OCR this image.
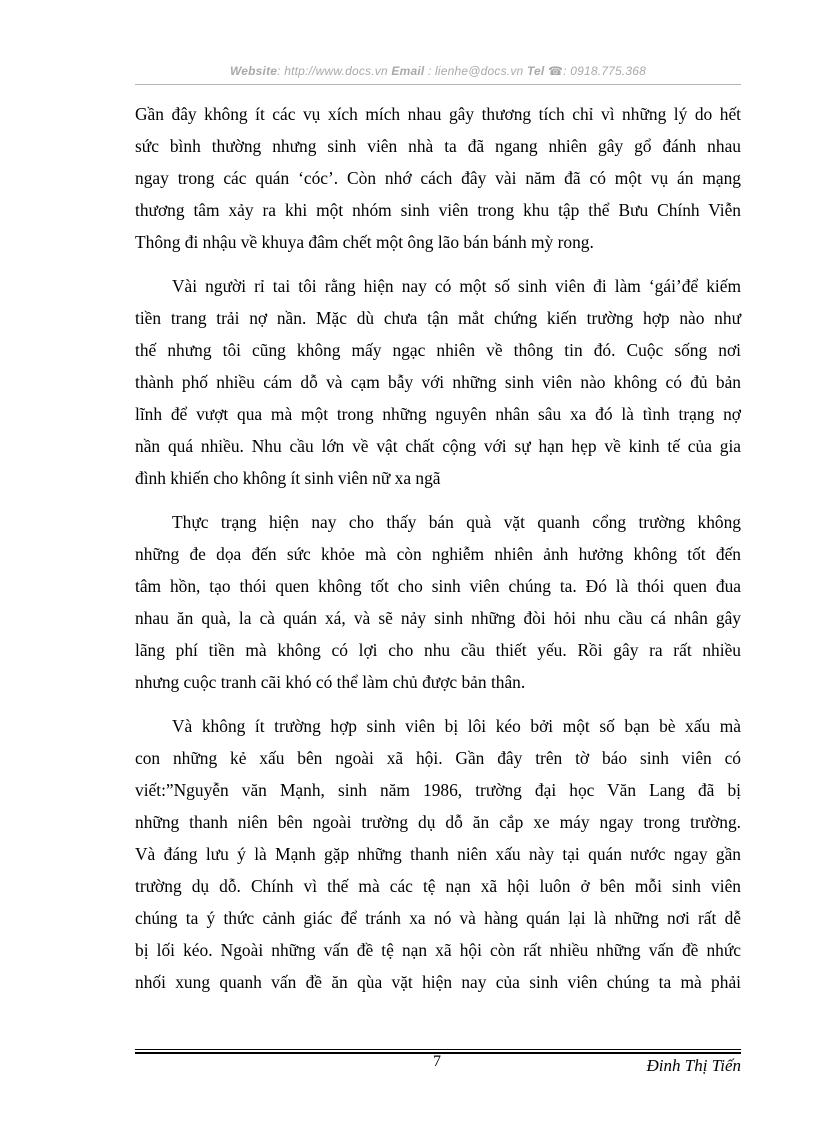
Website: http://www.docs.vn Email : lienhe@docs.vn Tel ☎: 0918.775.368
Gần đây không ít các vụ xích mích nhau gây thương tích chỉ vì những lý do hết
sức bình thường nhưng sinh viên nhà ta đã ngang nhiên gây gổ đánh nhau
ngay trong các quán ‘cóc’. Còn nhớ cách đây vài năm đã có một vụ án mạng
thương tâm xảy ra khi một nhóm sinh viên trong khu tập thể Bưu Chính Viễn
Thông đi nhậu về khuya đâm chết một ông lão bán bánh mỳ rong.
Vài người rỉ tai tôi rằng hiện nay có một số sinh viên đi làm ‘gái’để kiếm
tiền trang trải nợ nần. Mặc dù chưa tận mắt chứng kiến trường hợp nào như
thế nhưng tôi cũng không mấy ngạc nhiên về thông tin đó. Cuộc sống nơi
thành phố nhiều cám dỗ và cạm bẫy với những sinh viên nào không có đủ bản
lĩnh để vượt qua mà một trong những nguyên nhân sâu xa đó là tình trạng nợ
nần quá nhiều. Nhu cầu lớn về vật chất cộng với sự hạn hẹp về kinh tế của gia
đình khiến cho không ít sinh viên nữ xa ngã
Thực trạng hiện nay cho thấy bán quà vặt quanh cổng trường không
những đe dọa đến sức khỏe mà còn nghiễm nhiên ảnh hưởng không tốt đến
tâm hồn, tạo thói quen không tốt cho sinh viên chúng ta. Đó là thói quen đua
nhau ăn quà, la cà quán xá, và sẽ nảy sinh những đòi hỏi nhu cầu cá nhân gây
lãng phí tiền mà không có lợi cho nhu cầu thiết yếu. Rồi gây ra rất nhiều
nhưng cuộc tranh cãi khó có thể làm chủ được bản thân.
Và không ít trường hợp sinh viên bị lôi kéo bởi một số bạn bè xấu mà
con những kẻ xấu bên ngoài xã hội. Gần đây trên tờ báo sinh viên có
viết:”Nguyễn văn Mạnh, sinh năm 1986, trường đại học Văn Lang đã bị
những thanh niên bên ngoài trường dụ dỗ ăn cắp xe máy ngay trong trường.
Và đáng lưu ý là Mạnh gặp những thanh niên xấu này tại quán nước ngay gần
trường dụ dỗ. Chính vì thế mà các tệ nạn xã hội luôn ở bên mỗi sinh viên
chúng ta ý thức cảnh giác để tránh xa nó và hàng quán lại là những nơi rất dễ
bị lối kéo. Ngoài những vấn đề tệ nạn xã hội còn rất nhiều những vấn đề nhức
nhối xung quanh vấn đề ăn qùa vặt hiện nay của sinh viên chúng ta mà phải
7	Đinh Thị Tiến
